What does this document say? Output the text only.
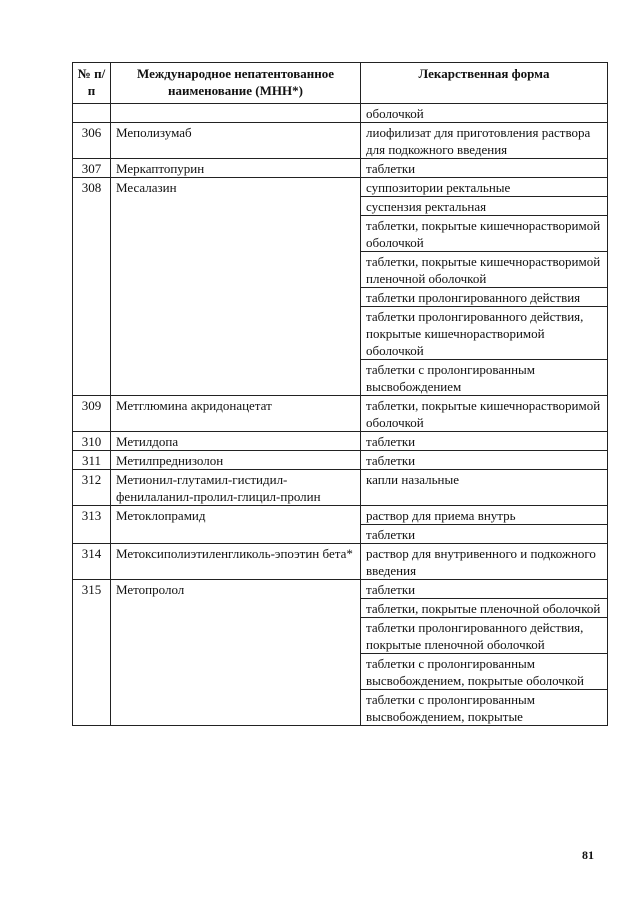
№ п/п	Международное непатентованное наименование (МНН*)	Лекарственная форма
		оболочкой
306	Меполизумаб	лиофилизат для приготовления раствора для подкожного введения
307	Меркаптопурин	таблетки
308	Месалазин	суппозитории ректальные
		суспензия ректальная
		таблетки, покрытые кишечнорастворимой оболочкой
		таблетки, покрытые кишечнорастворимой пленочной оболочкой
		таблетки пролонгированного действия
		таблетки пролонгированного действия, покрытые кишечнорастворимой оболочкой
		таблетки с пролонгированным высвобождением
309	Метглюмина акридонацетат	таблетки, покрытые кишечнорастворимой оболочкой
310	Метилдопа	таблетки
311	Метилпреднизолон	таблетки
312	Метионил-глутамил-гистидил-фенилаланил-пролил-глицил-пролин	капли назальные
313	Метоклопрамид	раствор для приема внутрь
		таблетки
314	Метоксиполиэтиленгликоль-эпоэтин бета*	раствор для внутривенного и подкожного введения
315	Метопролол	таблетки
		таблетки, покрытые пленочной оболочкой
		таблетки пролонгированного действия, покрытые пленочной оболочкой
		таблетки с пролонгированным высвобождением, покрытые оболочкой
		таблетки с пролонгированным высвобождением, покрытые
81
